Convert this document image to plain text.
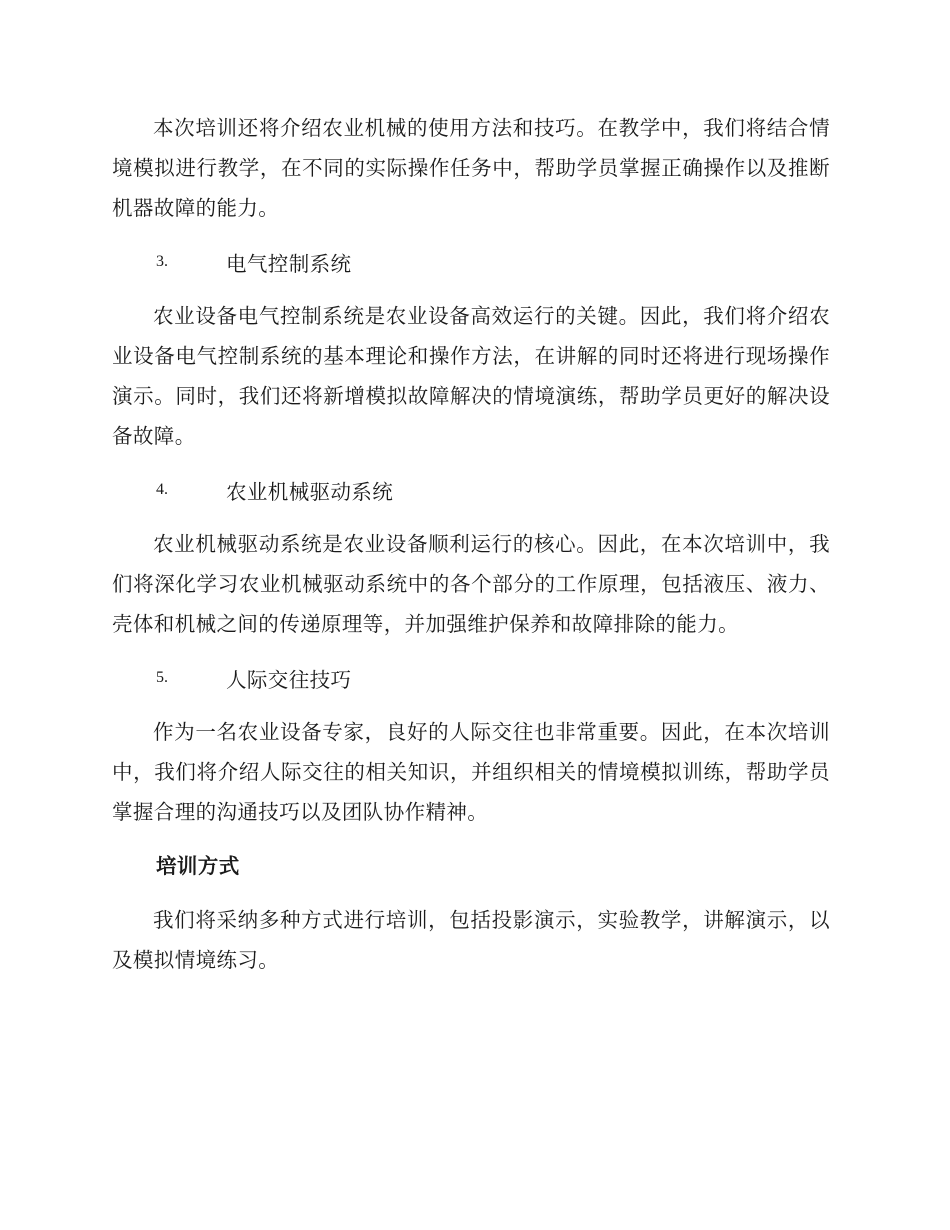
本次培训还将介绍农业机械的使用方法和技巧。在教学中，我们将结合情境模拟进行教学，在不同的实际操作任务中，帮助学员掌握正确操作以及推断机器故障的能力。

3.	电气控制系统

农业设备电气控制系统是农业设备高效运行的关键。因此，我们将介绍农业设备电气控制系统的基本理论和操作方法，在讲解的同时还将进行现场操作演示。同时，我们还将新增模拟故障解决的情境演练，帮助学员更好的解决设备故障。

4.	农业机械驱动系统

农业机械驱动系统是农业设备顺利运行的核心。因此，在本次培训中，我们将深化学习农业机械驱动系统中的各个部分的工作原理，包括液压、液力、壳体和机械之间的传递原理等，并加强维护保养和故障排除的能力。

5.	人际交往技巧

作为一名农业设备专家，良好的人际交往也非常重要。因此，在本次培训中，我们将介绍人际交往的相关知识，并组织相关的情境模拟训练，帮助学员掌握合理的沟通技巧以及团队协作精神。

培训方式

我们将采纳多种方式进行培训，包括投影演示，实验教学，讲解演示，以及模拟情境练习。
